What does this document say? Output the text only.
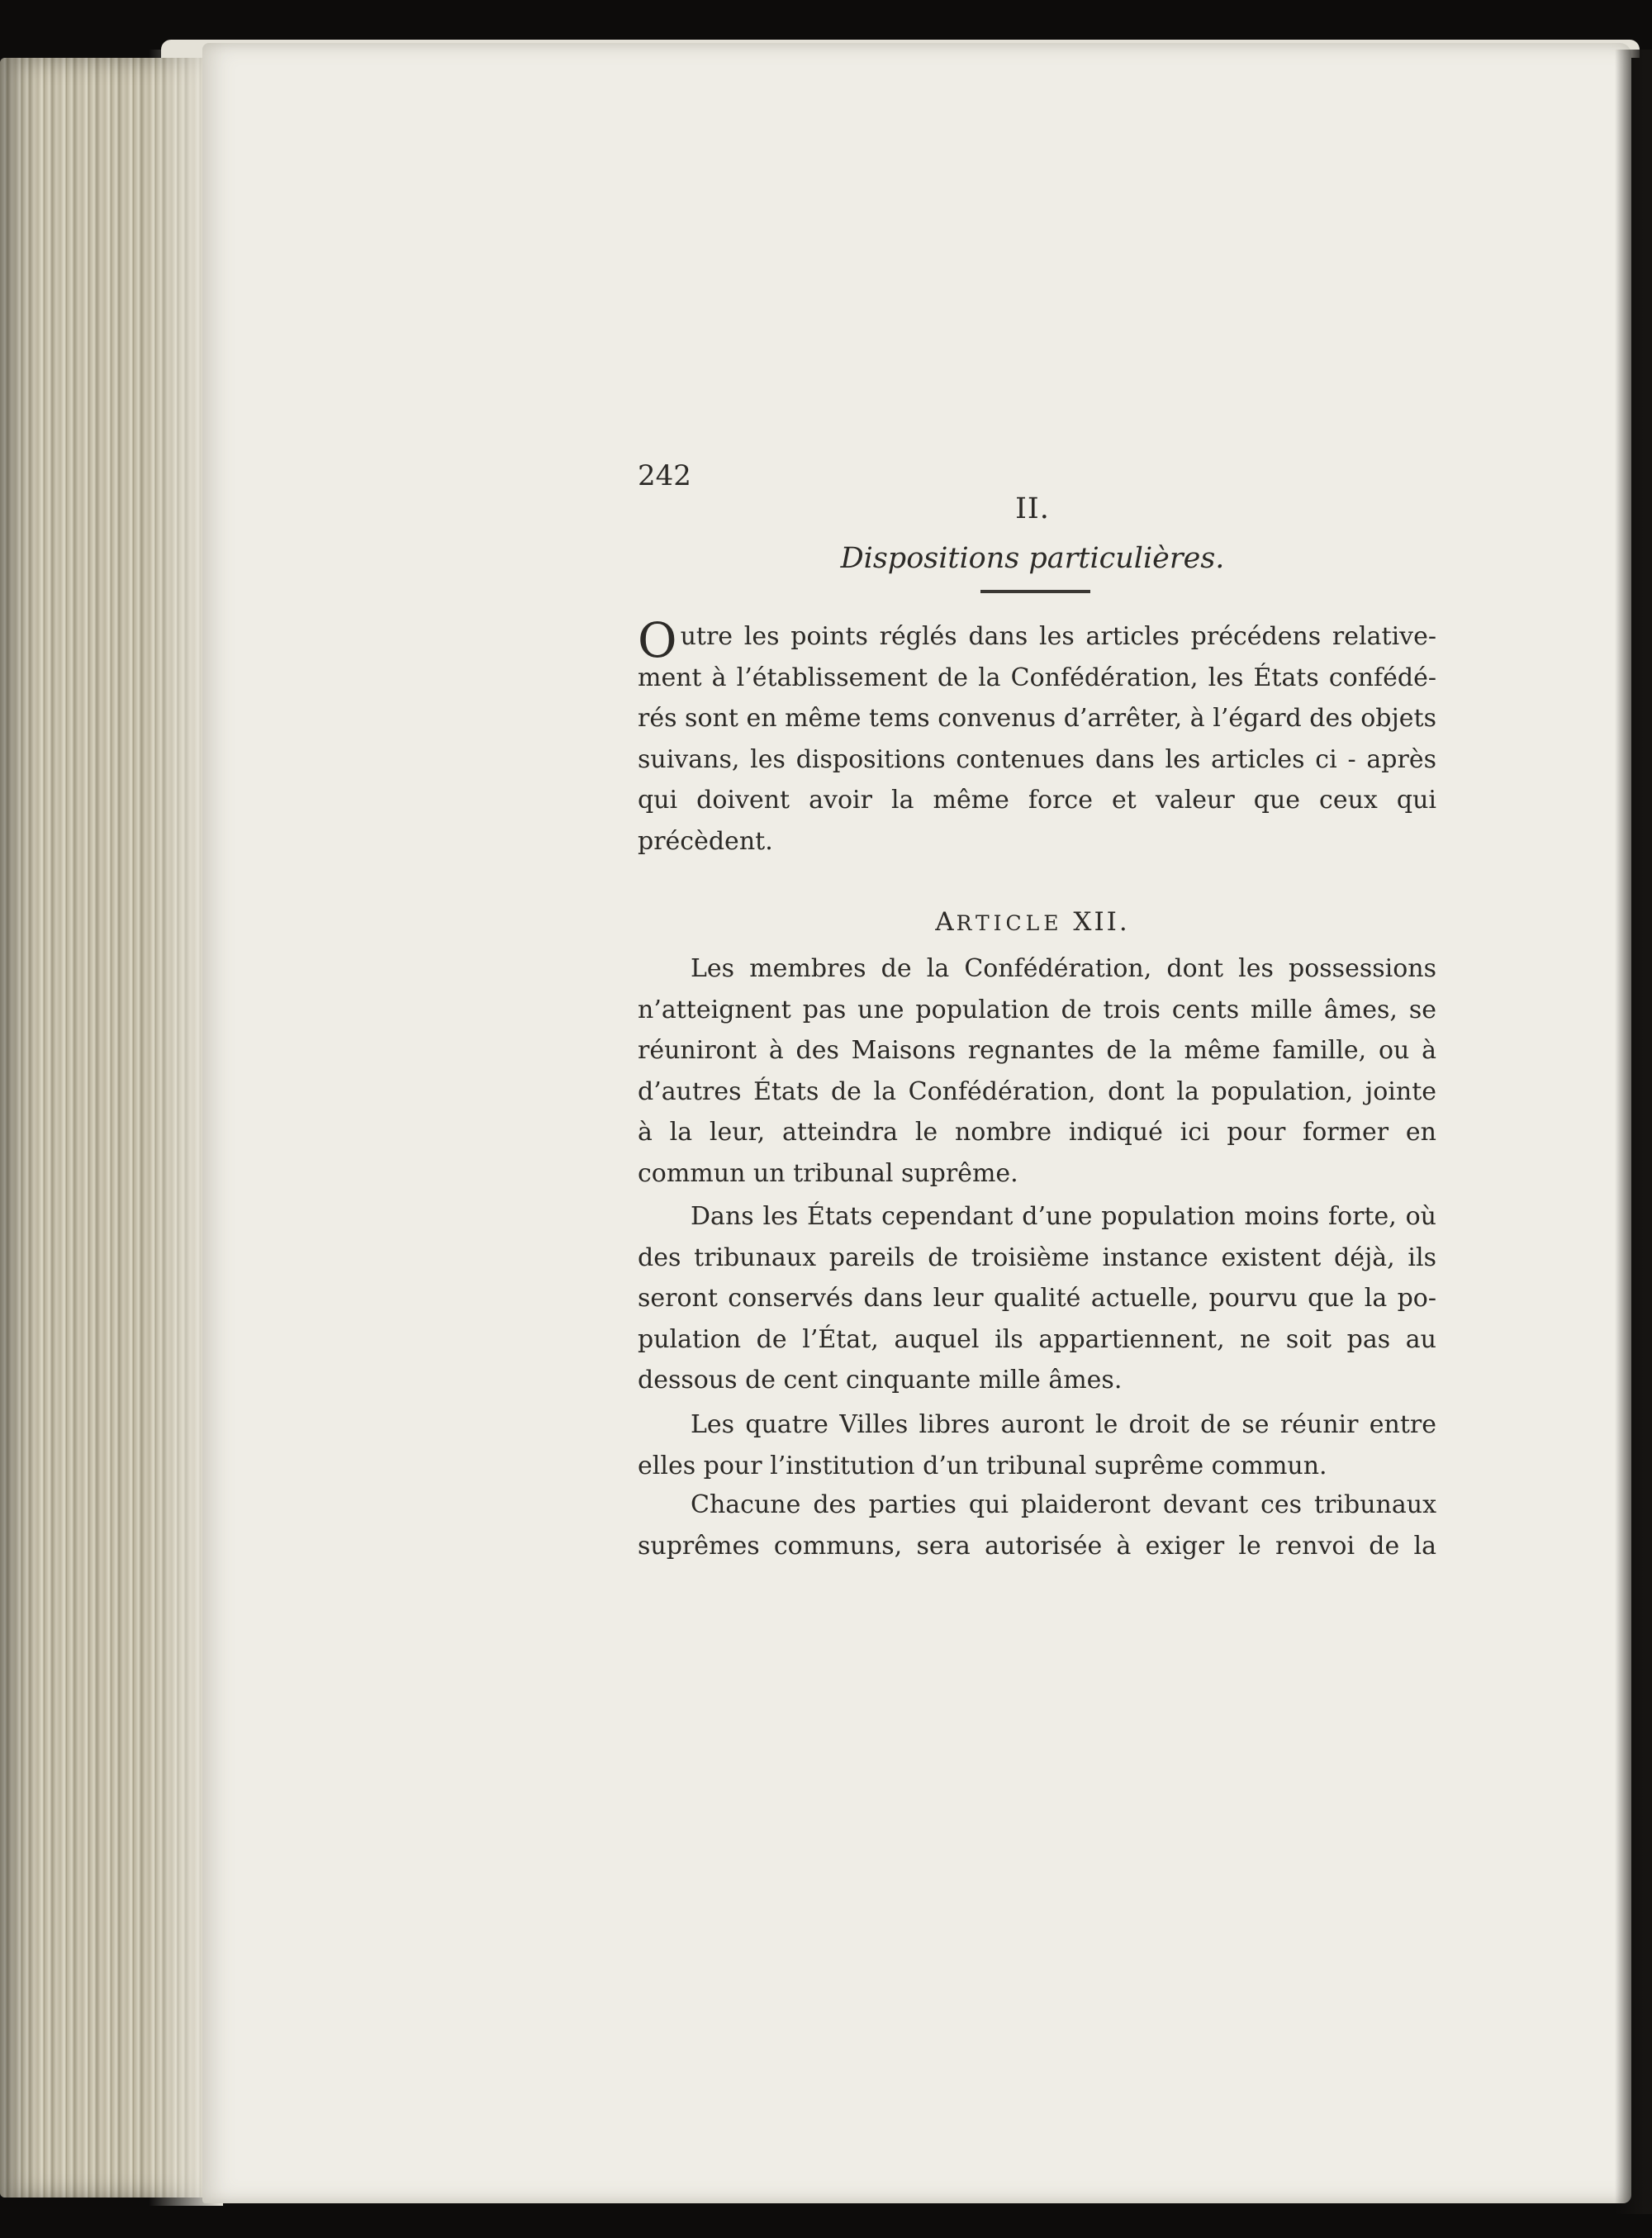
242
II.
Dispositions particulières.
Outre les points réglés dans les articles précédens relative-
ment à l’établissement de la Confédération, les États confédé-
rés sont en même tems convenus d’arrêter, à l’égard des objets
suivans, les dispositions contenues dans les articles ci - après
qui doivent avoir la même force et valeur que ceux qui
précèdent.
ARTICLE XII.
Les membres de la Confédération, dont les possessions
n’atteignent pas une population de trois cents mille âmes, se
réuniront à des Maisons regnantes de la même famille, ou à
d’autres États de la Confédération, dont la population, jointe
à la leur, atteindra le nombre indiqué ici pour former en
commun un tribunal suprême.
Dans les États cependant d’une population moins forte, où
des tribunaux pareils de troisième instance existent déjà, ils
seront conservés dans leur qualité actuelle, pourvu que la po-
pulation de l’État, auquel ils appartiennent, ne soit pas au
dessous de cent cinquante mille âmes.
Les quatre Villes libres auront le droit de se réunir entre
elles pour l’institution d’un tribunal suprême commun.
Chacune des parties qui plaideront devant ces tribunaux
suprêmes communs, sera autorisée à exiger le renvoi de la
